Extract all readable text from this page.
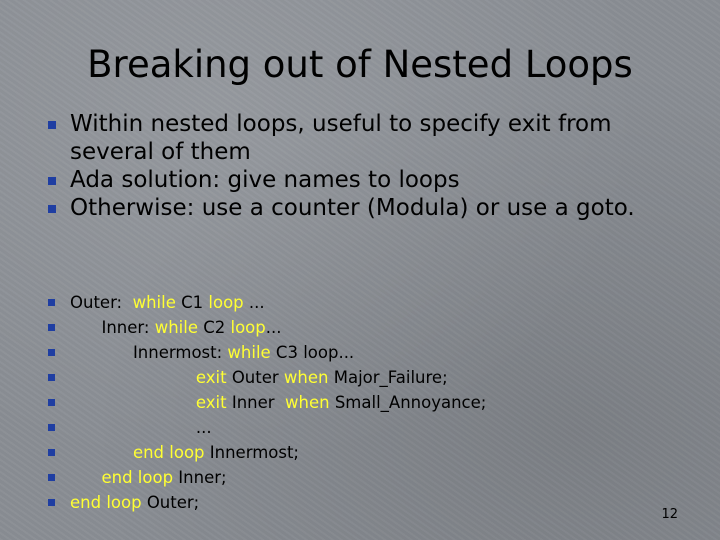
Breaking out of Nested Loops
Within nested loops, useful to specify exit from several of them
Ada solution: give names to loops
Otherwise: use a counter (Modula) or use a goto.
Outer:  while C1 loop ...
Inner: while C2 loop...
Innermost: while C3 loop...
exit Outer when Major_Failure;
exit Inner  when Small_Annoyance;
...
end loop Innermost;
end loop Inner;
end loop Outer;
12
